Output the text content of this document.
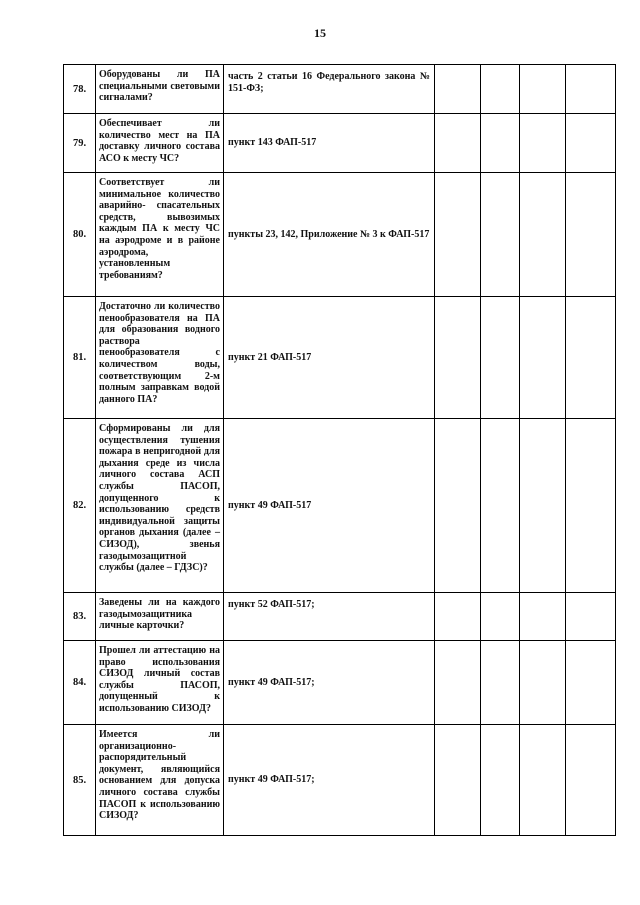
15
78.	Оборудованы ли ПА специальными световыми сигналами?	часть 2 статьи 16 Федерального закона № 151-ФЗ;				

79.	Обеспечивает ли количество мест на ПА доставку личного состава АСО к месту ЧС?	пункт 143 ФАП-517				

80.	Соответствует ли минимальное количество аварийно- спасательных средств, вывозимых каждым ПА к месту ЧС на аэродроме и в районе аэродрома, установленным требованиям?	пункты 23, 142, Приложение № 3 к ФАП-517				

81.	Достаточно ли количество пенообразователя на ПА для образования водного раствора пенообразователя с количеством воды, соответствующим 2-м полным заправкам водой данного ПА?	пункт 21 ФАП-517				

82.	Сформированы ли для осуществления тушения пожара в непригодной для дыхания среде из числа личного состава АСП службы ПАСОП, допущенного к использованию средств индивидуальной защиты органов дыхания (далее – СИЗОД), звенья газодымозащитной службы (далее – ГДЗС)?	пункт 49 ФАП-517				

83.	Заведены ли на каждого газодымозащитника личные карточки?	пункт 52 ФАП-517;				

84.	Прошел ли аттестацию на право использования СИЗОД личный состав службы ПАСОП, допущенный к использованию СИЗОД?	пункт 49 ФАП-517;				

85.	Имеется ли организационно-распорядительный документ, являющийся основанием для допуска личного состава службы ПАСОП к использованию СИЗОД?	пункт 49 ФАП-517;				
